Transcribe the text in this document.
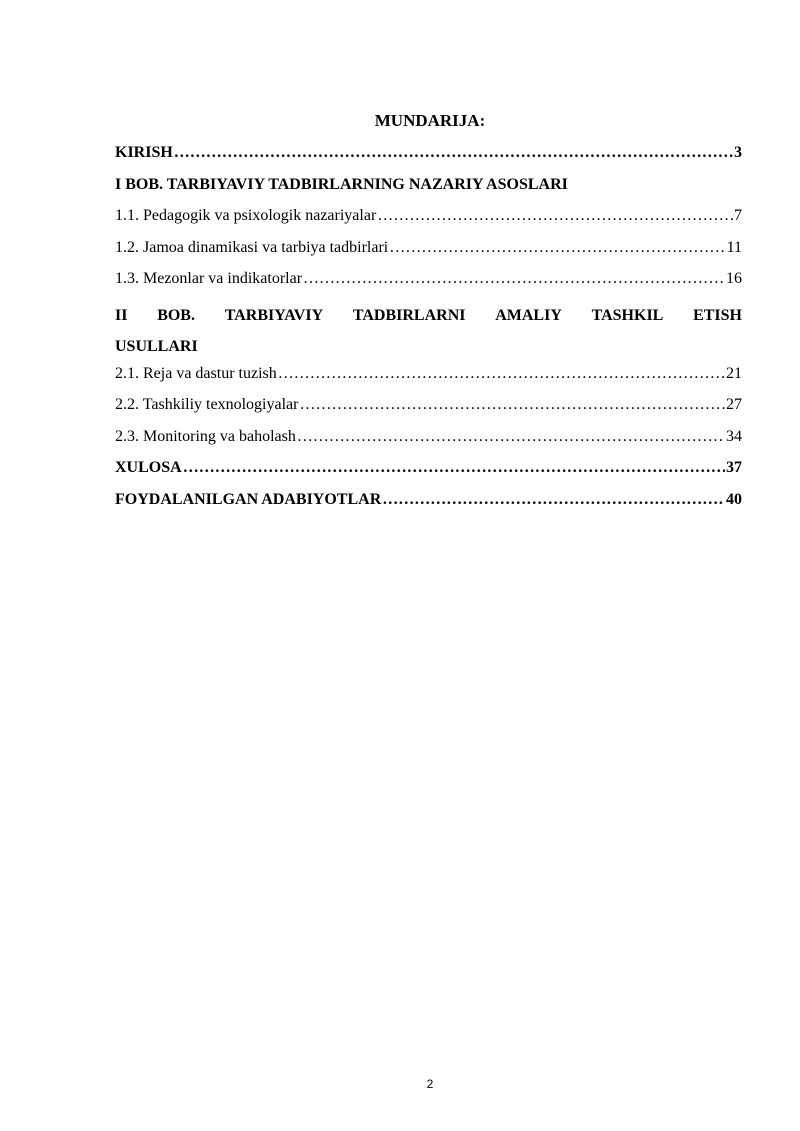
MUNDARIJA:
KIRISH ………………………………………………………………………………………………………………………………………………………………	3
I BOB. TARBIYAVIY TADBIRLARNING NAZARIY ASOSLARI
1.1. Pedagogik va psixologik nazariyalar ………………………………………………………………………………………………………………………………………………………………	7
1.2. Jamoa dinamikasi va tarbiya tadbirlari ………………………………………………………………………………………………………………………………………………………………	11
1.3. Mezonlar va indikatorlar ………………………………………………………………………………………………………………………………………………………………	16
II BOB. TARBIYAVIY TADBIRLARNI AMALIY TASHKIL ETISH
USULLARI
2.1. Reja va dastur tuzish ………………………………………………………………………………………………………………………………………………………………	21
2.2. Tashkiliy texnologiyalar ………………………………………………………………………………………………………………………………………………………………	27
2.3. Monitoring va baholash ………………………………………………………………………………………………………………………………………………………………	34
XULOSA ………………………………………………………………………………………………………………………………………………………………	37
FOYDALANILGAN ADABIYOTLAR ………………………………………………………………………………………………………………………………………………………………	40
2
